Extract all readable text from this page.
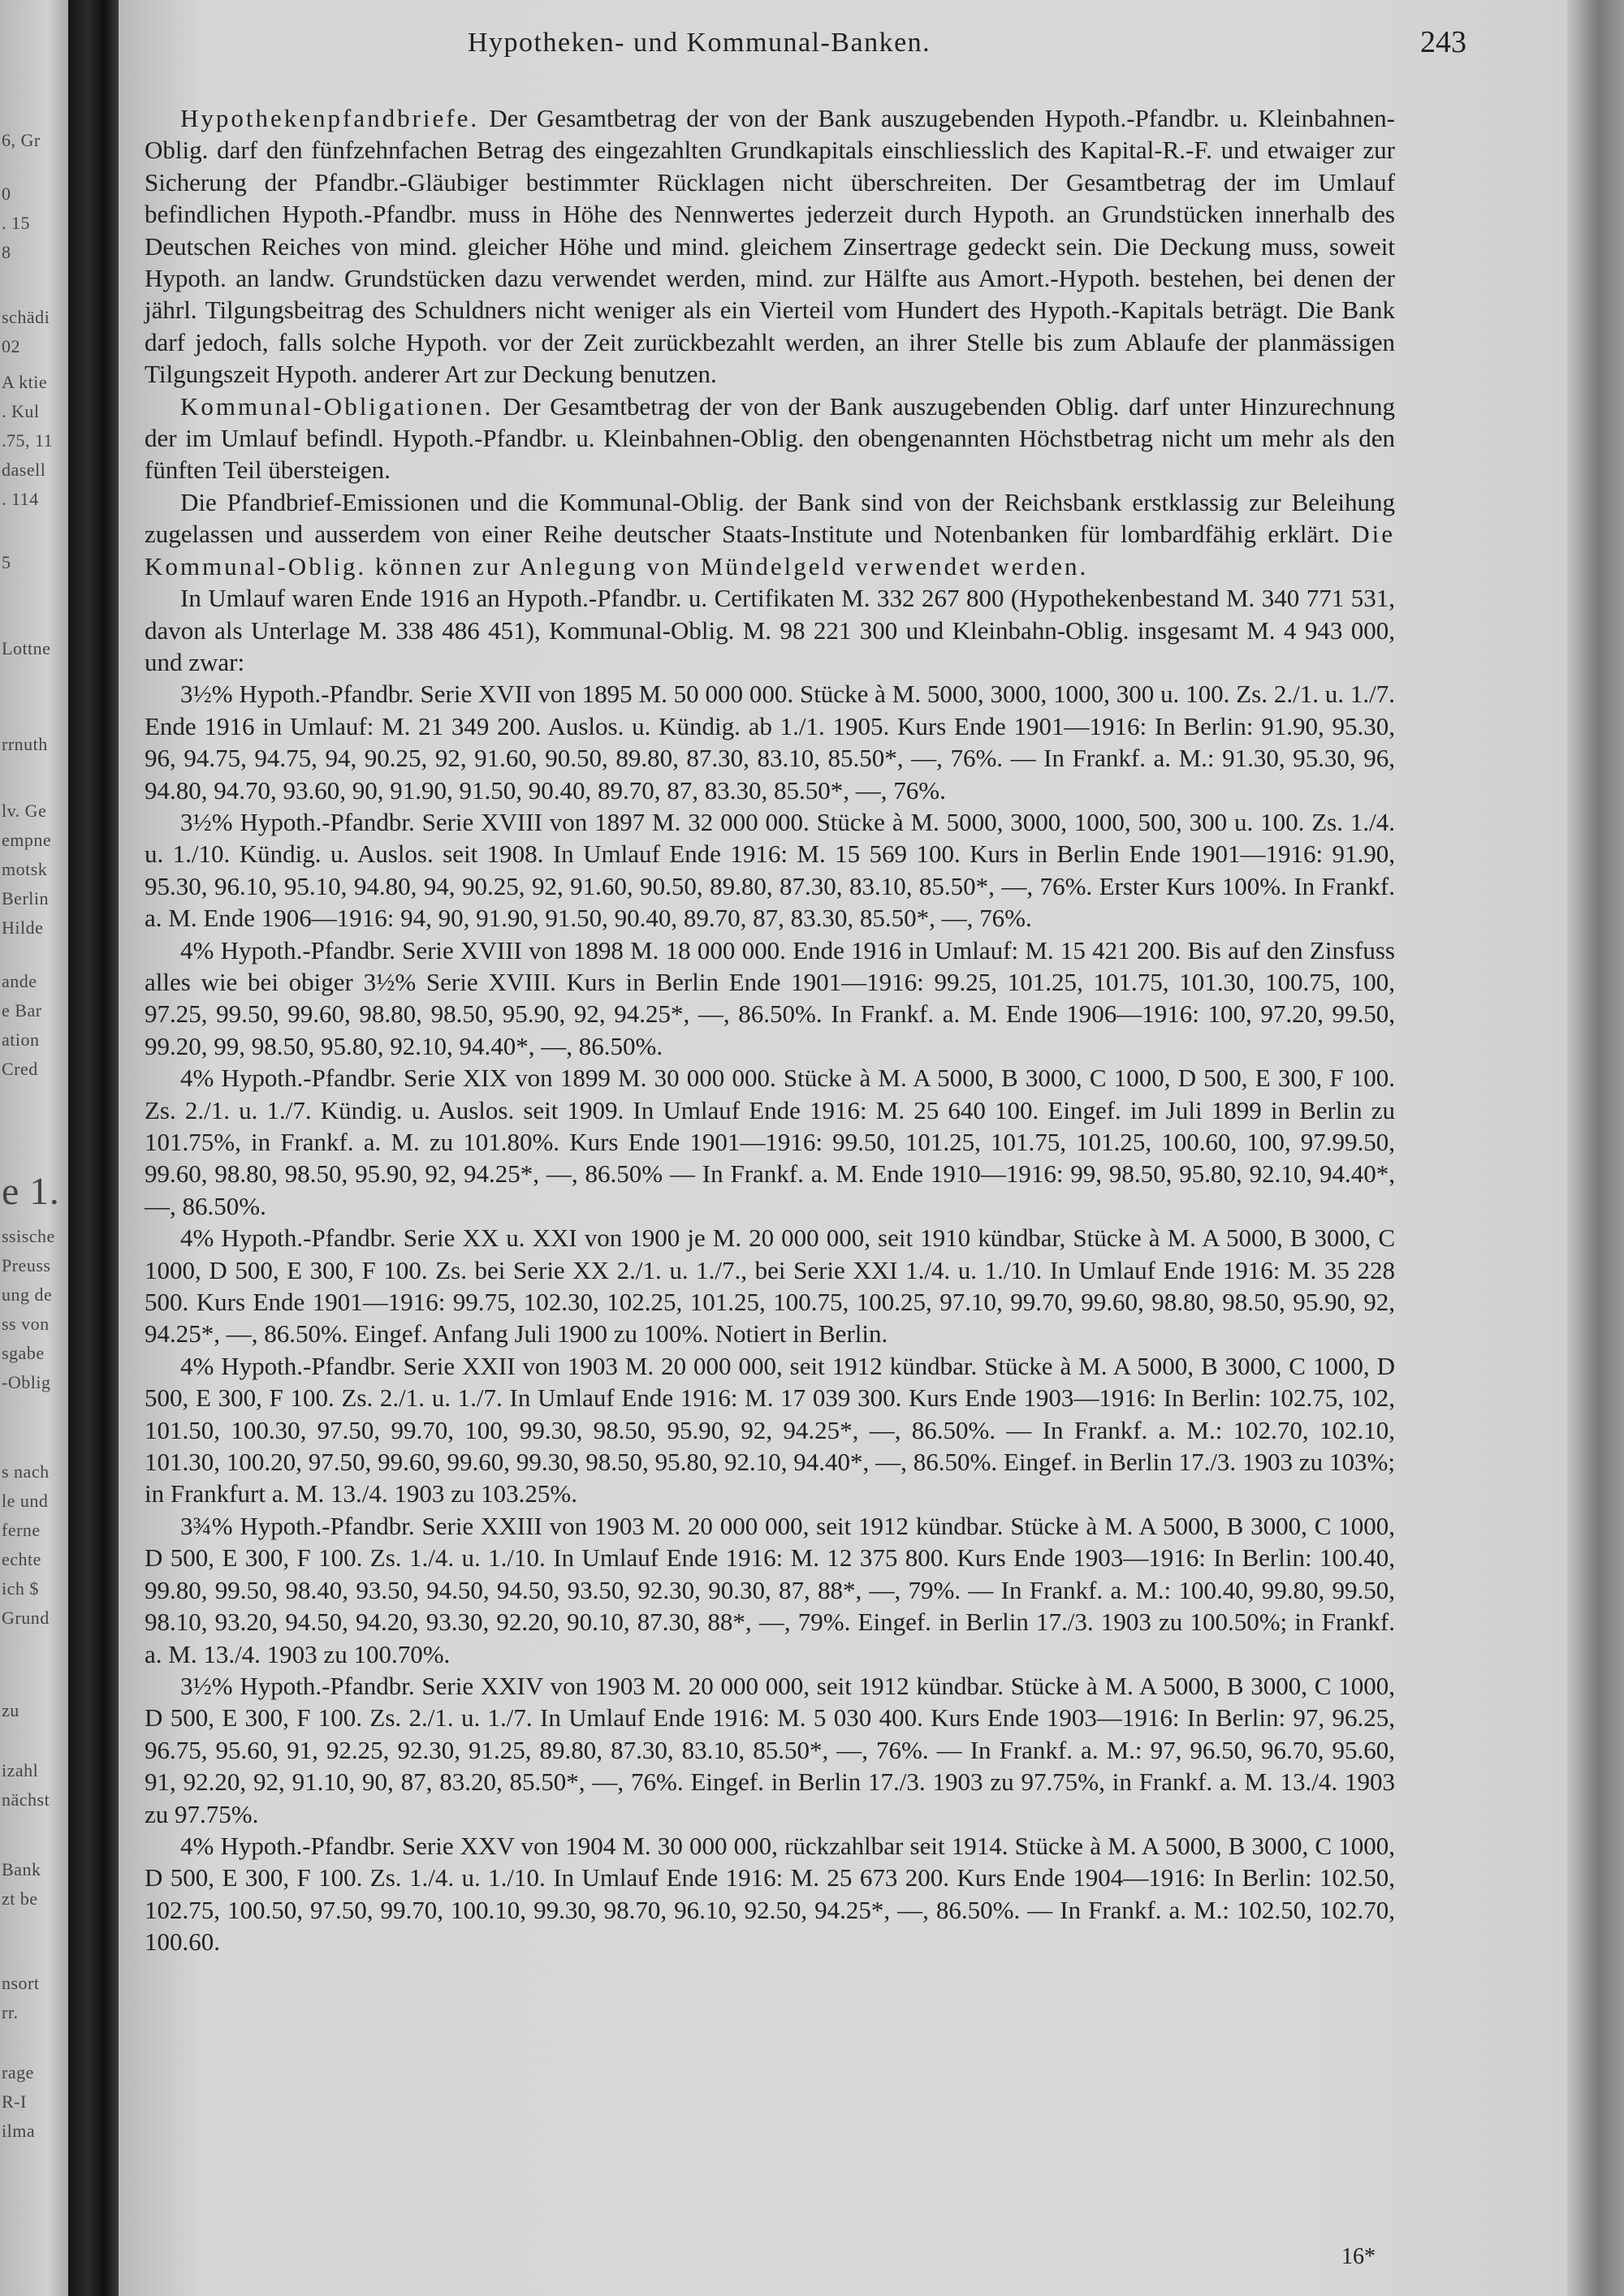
6, Gr
0
. 15
8
schädi
02
A ktie
. Kul
.75, 11
dasell
. 114
5
Lottne
rrnuth
lv. Ge
empne
motsk
Berlin
Hilde
ande
e Bar
ation
Cred
e 1.
ssische
Preuss
ung de
ss von
sgabe
-Oblig
s nach
le und
ferne
echte
ich $
Grund
zu
izahl
nächst
Bank
zt be
nsort
rr.
rage
R-I
ilma
Hypotheken- und Kommunal-Banken.	243

Hypothekenpfandbriefe. Der Gesamtbetrag der von der Bank auszugebenden Hypoth.-Pfandbr. u. Kleinbahnen-Oblig. darf den fünfzehnfachen Betrag des eingezahlten Grundkapitals einschliesslich des Kapital-R.-F. und etwaiger zur Sicherung der Pfandbr.-Gläubiger bestimmter Rücklagen nicht überschreiten. Der Gesamtbetrag der im Umlauf befindlichen Hypoth.-Pfandbr. muss in Höhe des Nennwertes jederzeit durch Hypoth. an Grundstücken innerhalb des Deutschen Reiches von mind. gleicher Höhe und mind. gleichem Zinsertrage gedeckt sein. Die Deckung muss, soweit Hypoth. an landw. Grundstücken dazu verwendet werden, mind. zur Hälfte aus Amort.-Hypoth. bestehen, bei denen der jährl. Tilgungsbeitrag des Schuldners nicht weniger als ein Vierteil vom Hundert des Hypoth.-Kapitals beträgt. Die Bank darf jedoch, falls solche Hypoth. vor der Zeit zurückbezahlt werden, an ihrer Stelle bis zum Ablaufe der planmässigen Tilgungszeit Hypoth. anderer Art zur Deckung benutzen.

Kommunal-Obligationen. Der Gesamtbetrag der von der Bank auszugebenden Oblig. darf unter Hinzurechnung der im Umlauf befindl. Hypoth.-Pfandbr. u. Kleinbahnen-Oblig. den obengenannten Höchstbetrag nicht um mehr als den fünften Teil übersteigen.

Die Pfandbrief-Emissionen und die Kommunal-Oblig. der Bank sind von der Reichsbank erstklassig zur Beleihung zugelassen und ausserdem von einer Reihe deutscher Staats-Institute und Notenbanken für lombardfähig erklärt. Die Kommunal-Oblig. können zur Anlegung von Mündelgeld verwendet werden.

In Umlauf waren Ende 1916 an Hypoth.-Pfandbr. u. Certifikaten M. 332 267 800 (Hypothekenbestand M. 340 771 531, davon als Unterlage M. 338 486 451), Kommunal-Oblig. M. 98 221 300 und Kleinbahn-Oblig. insgesamt M. 4 943 000, und zwar:

3½% Hypoth.-Pfandbr. Serie XVII von 1895 M. 50 000 000. Stücke à M. 5000, 3000, 1000, 300 u. 100. Zs. 2./1. u. 1./7. Ende 1916 in Umlauf: M. 21 349 200. Auslos. u. Kündig. ab 1./1. 1905. Kurs Ende 1901—1916: In Berlin: 91.90, 95.30, 96, 94.75, 94.75, 94, 90.25, 92, 91.60, 90.50, 89.80, 87.30, 83.10, 85.50*, —, 76%. — In Frankf. a. M.: 91.30, 95.30, 96, 94.80, 94.70, 93.60, 90, 91.90, 91.50, 90.40, 89.70, 87, 83.30, 85.50*, —, 76%.

3½% Hypoth.-Pfandbr. Serie XVIII von 1897 M. 32 000 000. Stücke à M. 5000, 3000, 1000, 500, 300 u. 100. Zs. 1./4. u. 1./10. Kündig. u. Auslos. seit 1908. In Umlauf Ende 1916: M. 15 569 100. Kurs in Berlin Ende 1901—1916: 91.90, 95.30, 96.10, 95.10, 94.80, 94, 90.25, 92, 91.60, 90.50, 89.80, 87.30, 83.10, 85.50*, —, 76%. Erster Kurs 100%. In Frankf. a. M. Ende 1906—1916: 94, 90, 91.90, 91.50, 90.40, 89.70, 87, 83.30, 85.50*, —, 76%.

4% Hypoth.-Pfandbr. Serie XVIII von 1898 M. 18 000 000. Ende 1916 in Umlauf: M. 15 421 200. Bis auf den Zinsfuss alles wie bei obiger 3½% Serie XVIII. Kurs in Berlin Ende 1901—1916: 99.25, 101.25, 101.75, 101.30, 100.75, 100, 97.25, 99.50, 99.60, 98.80, 98.50, 95.90, 92, 94.25*, —, 86.50%. In Frankf. a. M. Ende 1906—1916: 100, 97.20, 99.50, 99.20, 99, 98.50, 95.80, 92.10, 94.40*, —, 86.50%.

4% Hypoth.-Pfandbr. Serie XIX von 1899 M. 30 000 000. Stücke à M. A 5000, B 3000, C 1000, D 500, E 300, F 100. Zs. 2./1. u. 1./7. Kündig. u. Auslos. seit 1909. In Umlauf Ende 1916: M. 25 640 100. Eingef. im Juli 1899 in Berlin zu 101.75%, in Frankf. a. M. zu 101.80%. Kurs Ende 1901—1916: 99.50, 101.25, 101.75, 101.25, 100.60, 100, 97.99.50, 99.60, 98.80, 98.50, 95.90, 92, 94.25*, —, 86.50% — In Frankf. a. M. Ende 1910—1916: 99, 98.50, 95.80, 92.10, 94.40*, —, 86.50%.

4% Hypoth.-Pfandbr. Serie XX u. XXI von 1900 je M. 20 000 000, seit 1910 kündbar, Stücke à M. A 5000, B 3000, C 1000, D 500, E 300, F 100. Zs. bei Serie XX 2./1. u. 1./7., bei Serie XXI 1./4. u. 1./10. In Umlauf Ende 1916: M. 35 228 500. Kurs Ende 1901—1916: 99.75, 102.30, 102.25, 101.25, 100.75, 100.25, 97.10, 99.70, 99.60, 98.80, 98.50, 95.90, 92, 94.25*, —, 86.50%. Eingef. Anfang Juli 1900 zu 100%. Notiert in Berlin.

4% Hypoth.-Pfandbr. Serie XXII von 1903 M. 20 000 000, seit 1912 kündbar. Stücke à M. A 5000, B 3000, C 1000, D 500, E 300, F 100. Zs. 2./1. u. 1./7. In Umlauf Ende 1916: M. 17 039 300. Kurs Ende 1903—1916: In Berlin: 102.75, 102, 101.50, 100.30, 97.50, 99.70, 100, 99.30, 98.50, 95.90, 92, 94.25*, —, 86.50%. — In Frankf. a. M.: 102.70, 102.10, 101.30, 100.20, 97.50, 99.60, 99.60, 99.30, 98.50, 95.80, 92.10, 94.40*, —, 86.50%. Eingef. in Berlin 17./3. 1903 zu 103%; in Frankfurt a. M. 13./4. 1903 zu 103.25%.

3¾% Hypoth.-Pfandbr. Serie XXIII von 1903 M. 20 000 000, seit 1912 kündbar. Stücke à M. A 5000, B 3000, C 1000, D 500, E 300, F 100. Zs. 1./4. u. 1./10. In Umlauf Ende 1916: M. 12 375 800. Kurs Ende 1903—1916: In Berlin: 100.40, 99.80, 99.50, 98.40, 93.50, 94.50, 94.50, 93.50, 92.30, 90.30, 87, 88*, —, 79%. — In Frankf. a. M.: 100.40, 99.80, 99.50, 98.10, 93.20, 94.50, 94.20, 93.30, 92.20, 90.10, 87.30, 88*, —, 79%. Eingef. in Berlin 17./3. 1903 zu 100.50%; in Frankf. a. M. 13./4. 1903 zu 100.70%.

3½% Hypoth.-Pfandbr. Serie XXIV von 1903 M. 20 000 000, seit 1912 kündbar. Stücke à M. A 5000, B 3000, C 1000, D 500, E 300, F 100. Zs. 2./1. u. 1./7. In Umlauf Ende 1916: M. 5 030 400. Kurs Ende 1903—1916: In Berlin: 97, 96.25, 96.75, 95.60, 91, 92.25, 92.30, 91.25, 89.80, 87.30, 83.10, 85.50*, —, 76%. — In Frankf. a. M.: 97, 96.50, 96.70, 95.60, 91, 92.20, 92, 91.10, 90, 87, 83.20, 85.50*, —, 76%. Eingef. in Berlin 17./3. 1903 zu 97.75%, in Frankf. a. M. 13./4. 1903 zu 97.75%.

4% Hypoth.-Pfandbr. Serie XXV von 1904 M. 30 000 000, rückzahlbar seit 1914. Stücke à M. A 5000, B 3000, C 1000, D 500, E 300, F 100. Zs. 1./4. u. 1./10. In Umlauf Ende 1916: M. 25 673 200. Kurs Ende 1904—1916: In Berlin: 102.50, 102.75, 100.50, 97.50, 99.70, 100.10, 99.30, 98.70, 96.10, 92.50, 94.25*, —, 86.50%. — In Frankf. a. M.: 102.50, 102.70, 100.60.

16*
